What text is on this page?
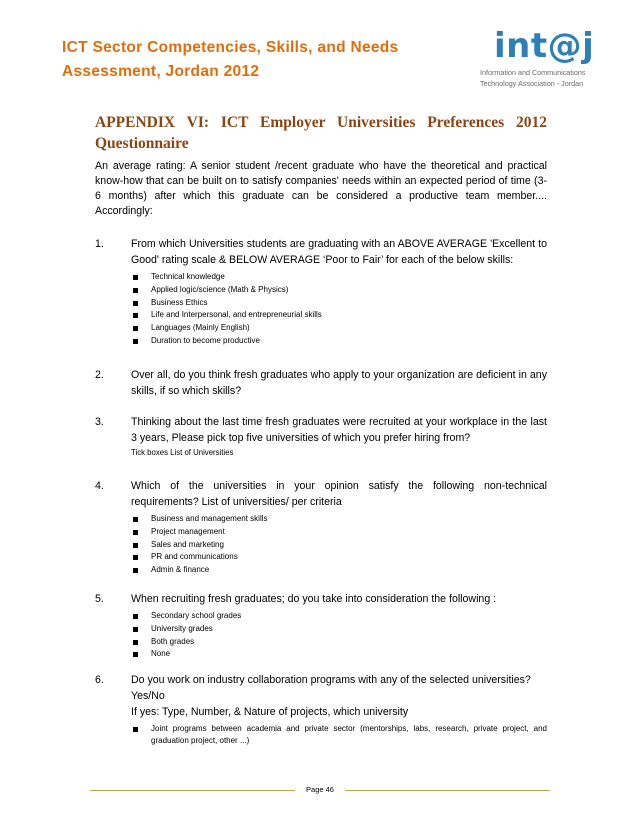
ICT Sector Competencies, Skills, and Needs Assessment, Jordan 2012
int@j
Information and Communications
Technology Association - Jordan
APPENDIX VI: ICT Employer Universities Preferences 2012 Questionnaire
An average rating: A senior student /recent graduate who have the theoretical and practical know-how that can be built on to satisfy companies' needs within an expected period of time (3-6 months) after which this graduate can be considered a productive team member.... Accordingly:
1.	From which Universities students are graduating with an ABOVE AVERAGE 'Excellent to Good' rating scale & BELOW AVERAGE ‘Poor to Fair’ for each of the below skills:
Technical knowledge
Applied logic/science (Math & Physics)
Business Ethics
Life and Interpersonal, and entrepreneurial skills
Languages (Mainly English)
Duration to become productive
2.	Over all, do you think fresh graduates who apply to your organization are deficient in any skills, if so which skills?
3.	Thinking about the last time fresh graduates were recruited at your workplace in the last 3 years, Please pick top five universities of which you prefer hiring from?
Tick boxes List of Universities
4.	Which of the universities in your opinion satisfy the following non-technical requirements? List of universities/ per criteria
Business and management skills
Project management
Sales and marketing
PR and communications
Admin & finance
5.	When recruiting fresh graduates; do you take into consideration the following :
Secondary school grades
University grades
Both grades
None
6.	Do you work on industry collaboration programs with any of the selected universities?
Yes/No
If yes: Type, Number, & Nature of projects, which university
Joint programs between academia and private sector (mentorships, labs, research, private project, and graduation project, other ...)
Page 46
